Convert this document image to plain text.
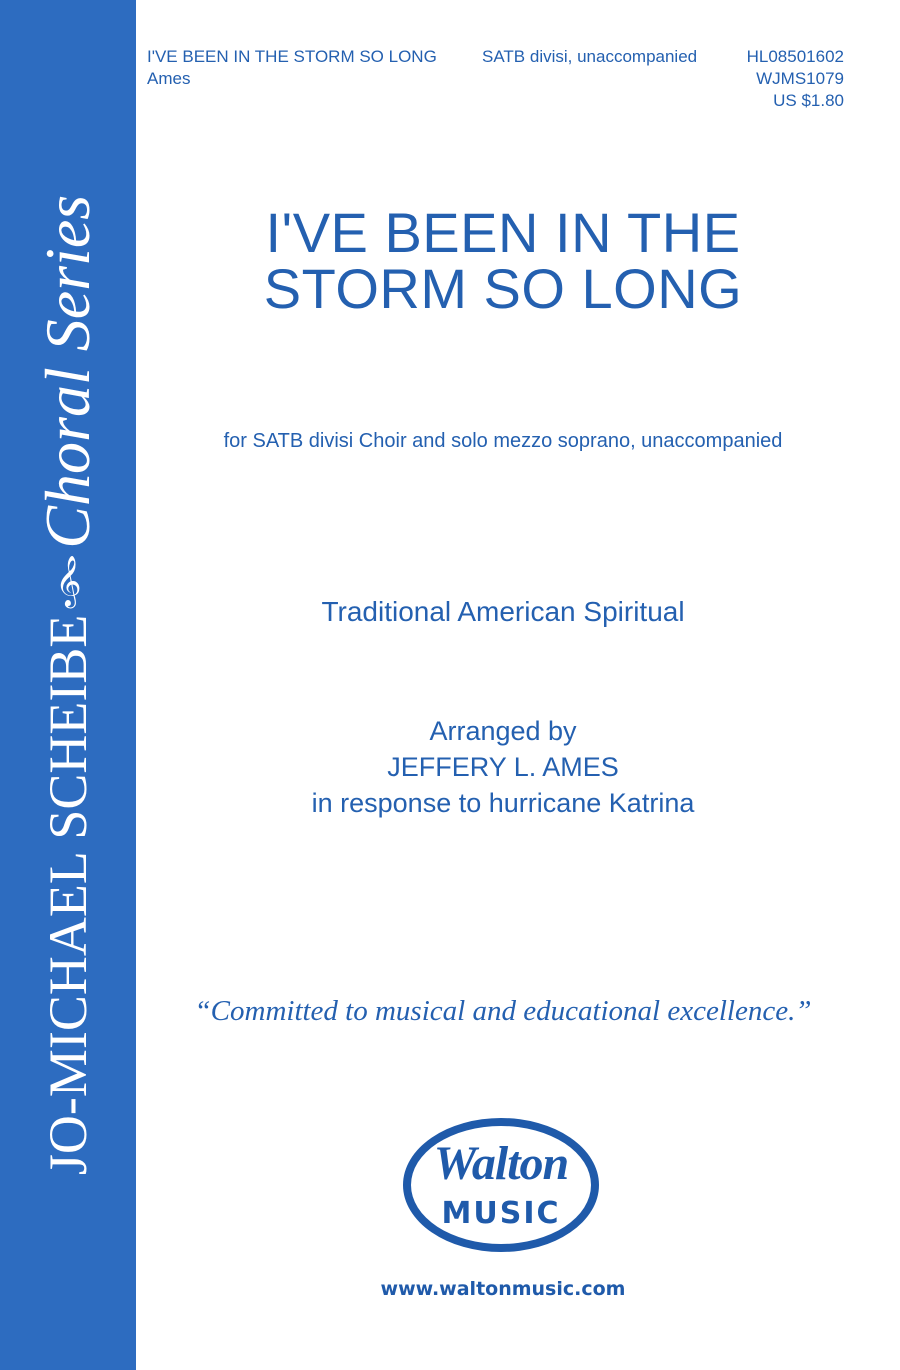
JO-MICHAEL SCHEIBE
𝄞
Choral Series
I'VE BEEN IN THE STORM SO LONG
Ames
SATB divisi, unaccompanied	HL08501602
WJMS1079
US $1.80
I'VE BEEN IN THE
STORM SO LONG
for SATB divisi Choir and solo mezzo soprano, unaccompanied
Traditional American Spiritual
Arranged by
JEFFERY L. AMES
in response to hurricane Katrina
“Committed to musical and educational excellence.”
Walton
MUSIC
www.waltonmusic.com
